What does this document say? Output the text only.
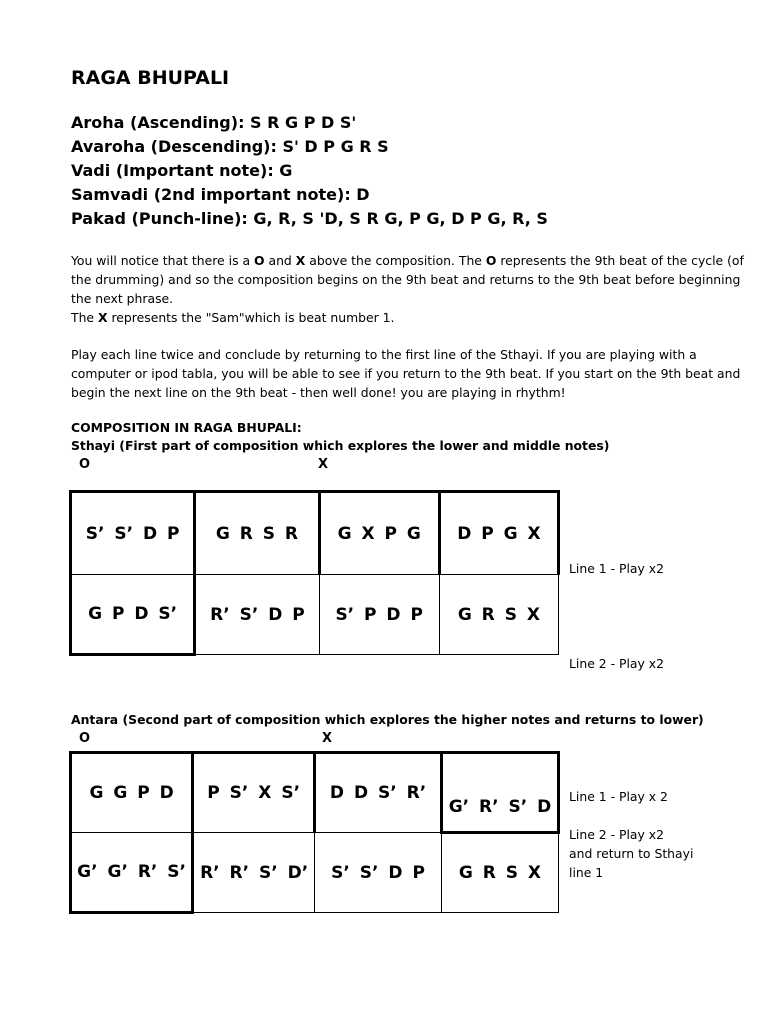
RAGA BHUPALI
Aroha (Ascending): S R G P D S'
Avaroha (Descending): S' D P G R S
Vadi (Important note): G
Samvadi (2nd important note): D
Pakad (Punch-line): G, R, S 'D, S R G, P G, D P G, R, S
You will notice that there is a O and X above the composition. The O represents the 9th beat of the cycle (of the drumming) and so the composition begins on the 9th beat and returns to the 9th beat before beginning the next phrase.
The X represents the "Sam"which is beat number 1.
Play each line twice and conclude by returning to the first line of the Sthayi. If you are playing with a computer or ipod tabla, you will be able to see if you return to the 9th beat. If you start on the 9th beat and begin the next line on the 9th beat - then well done! you are playing in rhythm!
COMPOSITION IN RAGA BHUPALI:
Sthayi (First part of composition which explores the lower and middle notes)
O	X
S’ S’ D P	G R S R	G X P G	D P G X
G P D S’	R’ S’ D P	S’ P D P	G R S X
Line 1 - Play x2
Line 2 - Play x2
Antara (Second part of composition which explores the higher notes and returns to lower)
O	X
G G P D	P S’ X S’	D D S’ R’	G’ R’ S’ D
G’ G’ R’ S’	R’ R’ S’ D’	S’ S’ D P	G R S X
Line 1 - Play x 2
Line 2 - Play x2
and return to Sthayi
line 1
